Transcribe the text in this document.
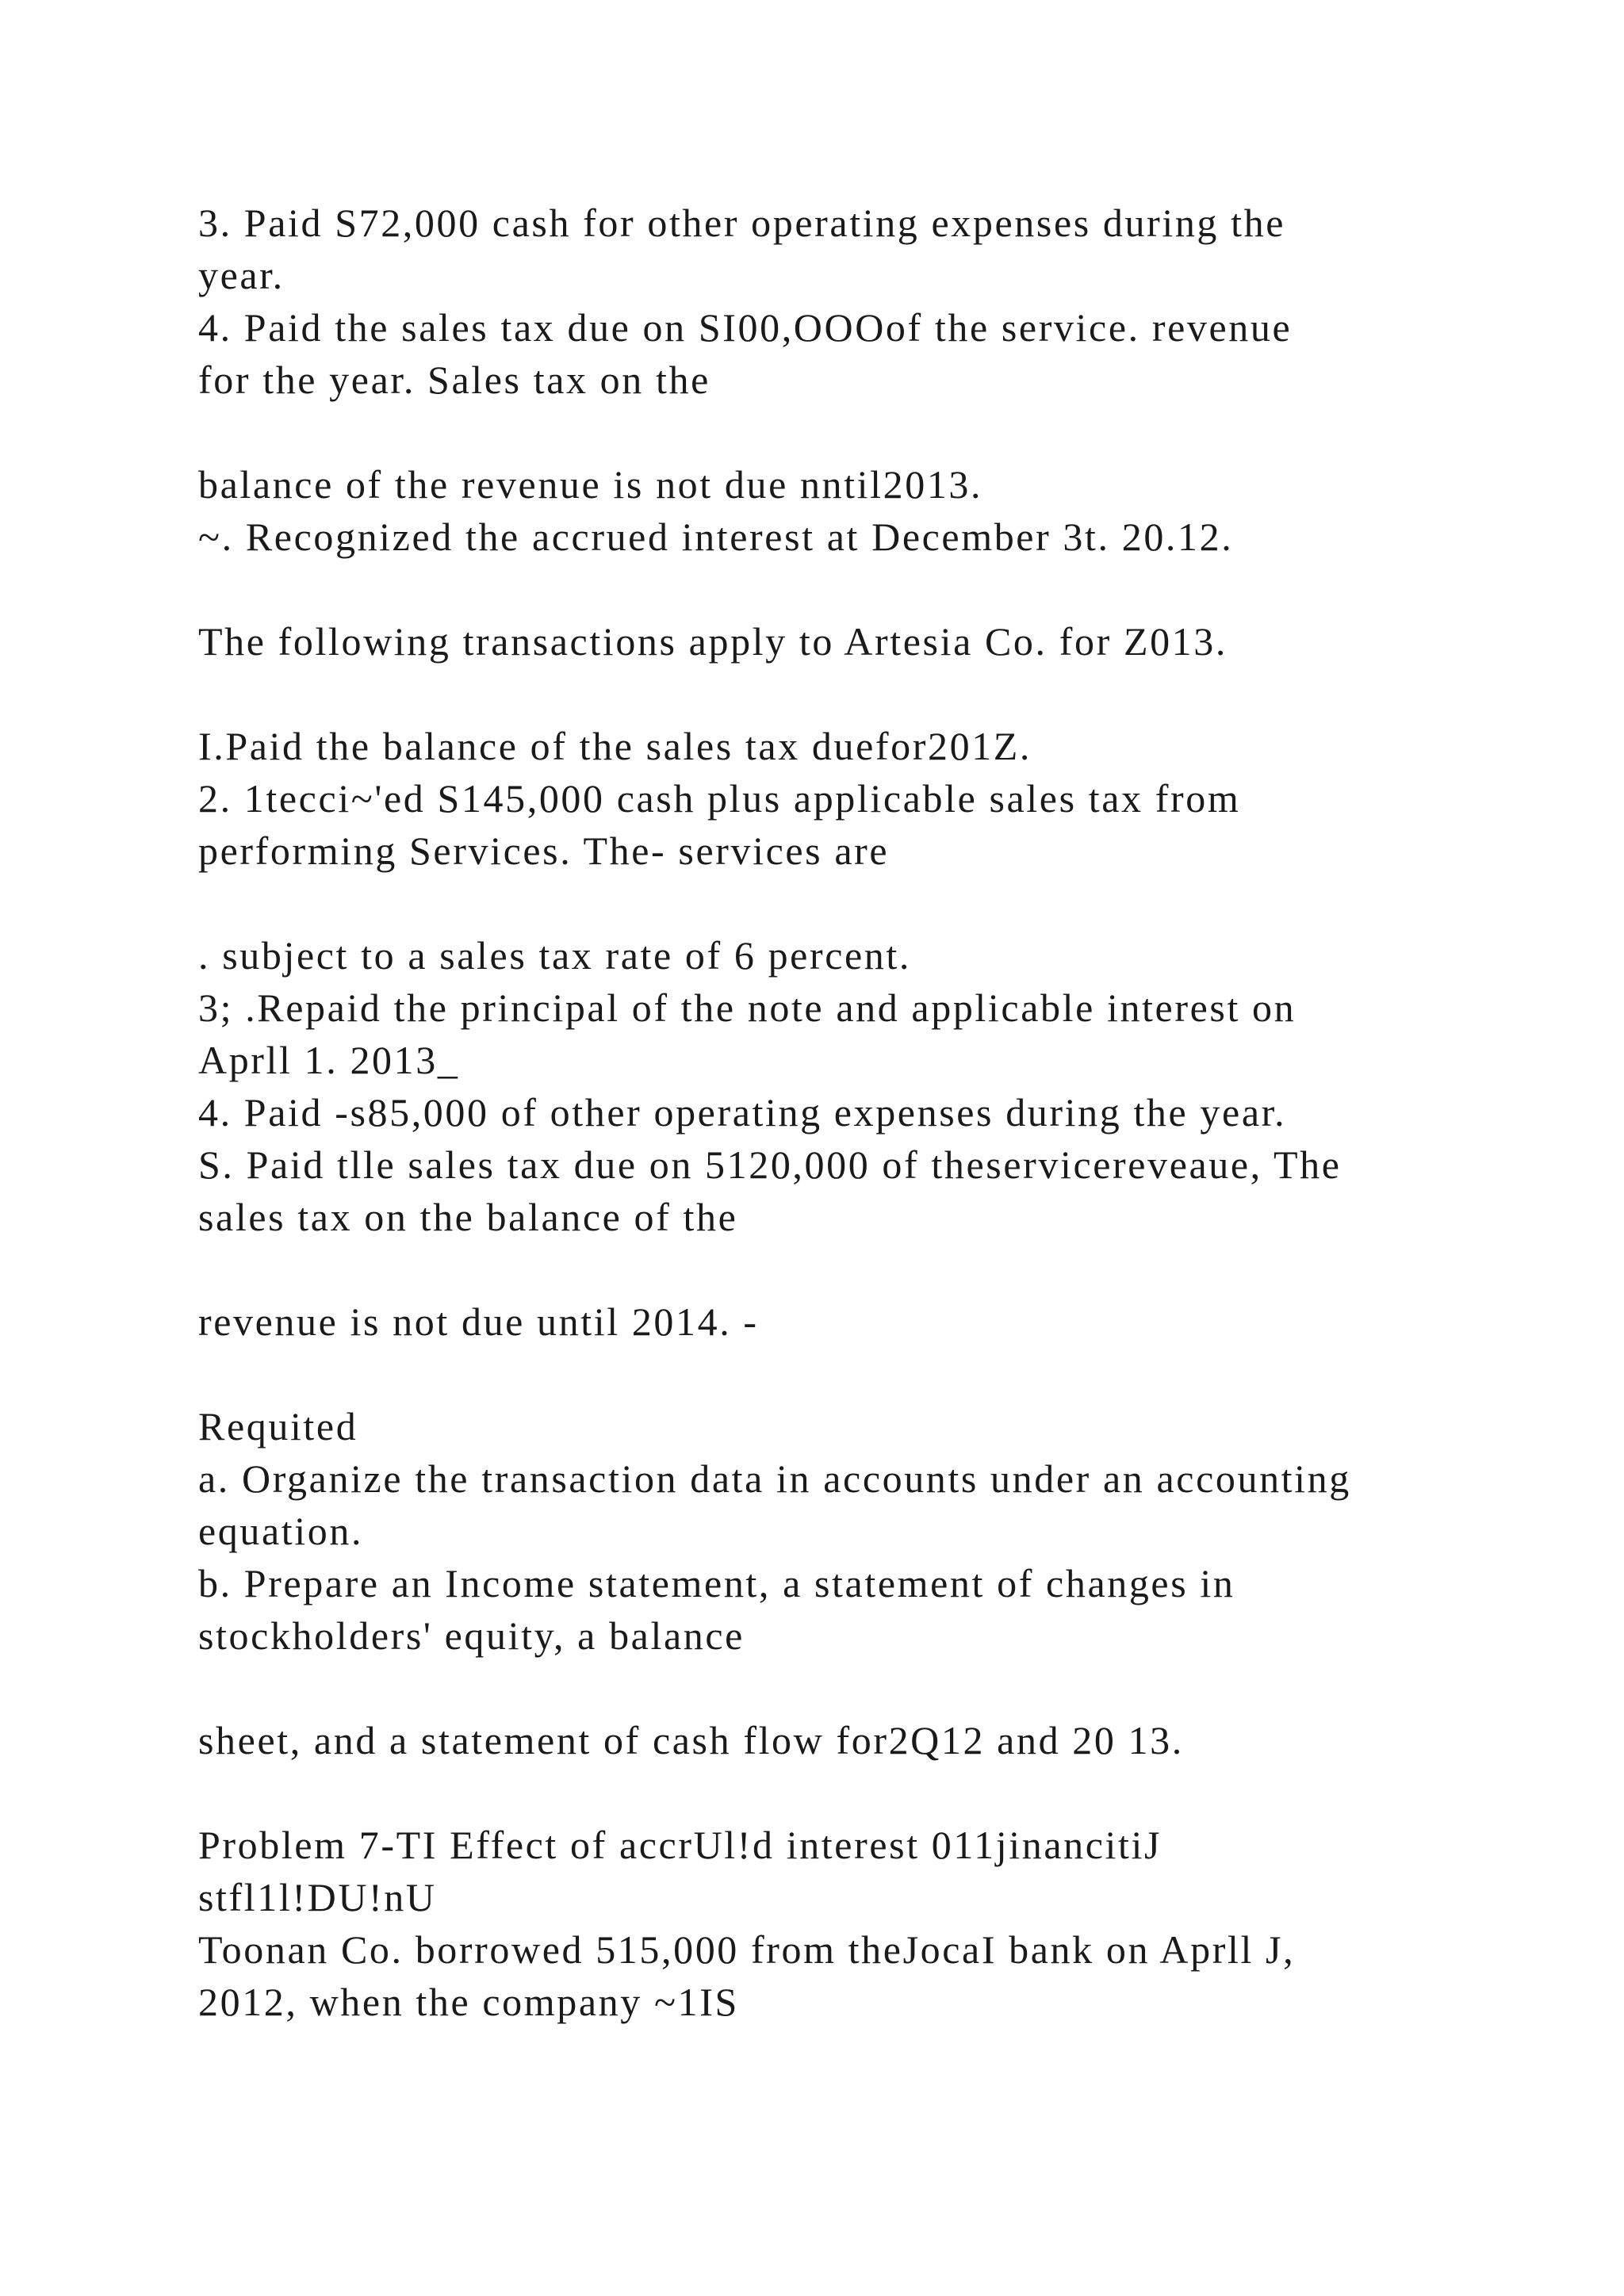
3. Paid S72,000 cash for other operating expenses during the
year.
4. Paid the sales tax due on SI00,OOOof the service. revenue
for the year. Sales tax on the
balance of the revenue is not due nntil2013.
~. Recognized the accrued interest at December 3t. 20.12.
The following transactions apply to Artesia Co. for Z013.
I.Paid the balance of the sales tax duefor201Z.
2. 1tecci~'ed S145,000 cash plus applicable sales tax from
performing Services. The- services are
. subject to a sales tax rate of 6 percent.
3; .Repaid the principal of the note and applicable interest on
Aprll 1. 2013_
4. Paid -s85,000 of other operating expenses during the year.
S. Paid tlle sales tax due on 5120,000 of theservicereveaue, The
sales tax on the balance of the
revenue is not due until 2014. -
Requited
a. Organize the transaction data in accounts under an accounting
equation.
b. Prepare an Income statement, a statement of changes in
stockholders' equity, a balance
sheet, and a statement of cash flow for2Q12 and 20 13.
Problem 7-TI Effect of accrUl!d interest 011jinancitiJ
stfl1l!DU!nU
Toonan Co. borrowed 515,000 from theJocaI bank on Aprll J,
2012, when the company ~1IS
